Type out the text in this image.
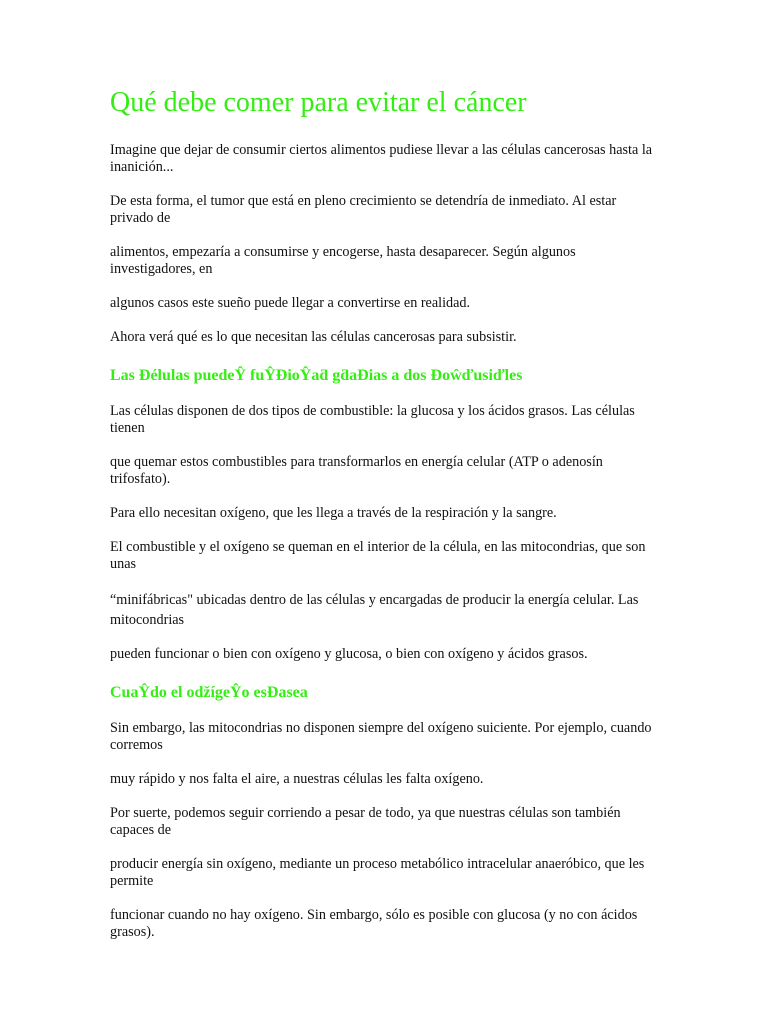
Qué debe comer para evitar el cáncer

Imagine que dejar de consumir ciertos alimentos pudiese llevar a las células cancerosas hasta la inanición...

De esta forma, el tumor que está en pleno crecimiento se detendría de inmediato. Al estar privado de

alimentos, empezaría a consumirse y encogerse, hasta desaparecer. Según algunos investigadores, en

algunos casos este sueño puede llegar a convertirse en realidad.

Ahora verá qué es lo que necesitan las células cancerosas para subsistir.

Las Đélulas puedeŶ fuŶĐioŶaƌ gƌaĐias a dos Đoŵďusiďles

Las células disponen de dos tipos de combustible: la glucosa y los ácidos grasos. Las células tienen

que quemar estos combustibles para transformarlos en energía celular (ATP o adenosín trifosfato).

Para ello necesitan oxígeno, que les llega a través de la respiración y la sangre.

El combustible y el oxígeno se queman en el interior de la célula, en las mitocondrias, que son unas

“minifábricas" ubicadas dentro de las células y encargadas de producir la energía celular. Las mitocondrias

pueden funcionar o bien con oxígeno y glucosa, o bien con oxígeno y ácidos grasos.

CuaŶdo el odžígeŶo esĐasea

Sin embargo, las mitocondrias no disponen siempre del oxígeno suiciente. Por ejemplo, cuando corremos

muy rápido y nos falta el aire, a nuestras células les falta oxígeno.

Por suerte, podemos seguir corriendo a pesar de todo, ya que nuestras células son también capaces de

producir energía sin oxígeno, mediante un proceso metabólico intracelular anaeróbico, que les permite

funcionar cuando no hay oxígeno. Sin embargo, sólo es posible con glucosa (y no con ácidos grasos).
